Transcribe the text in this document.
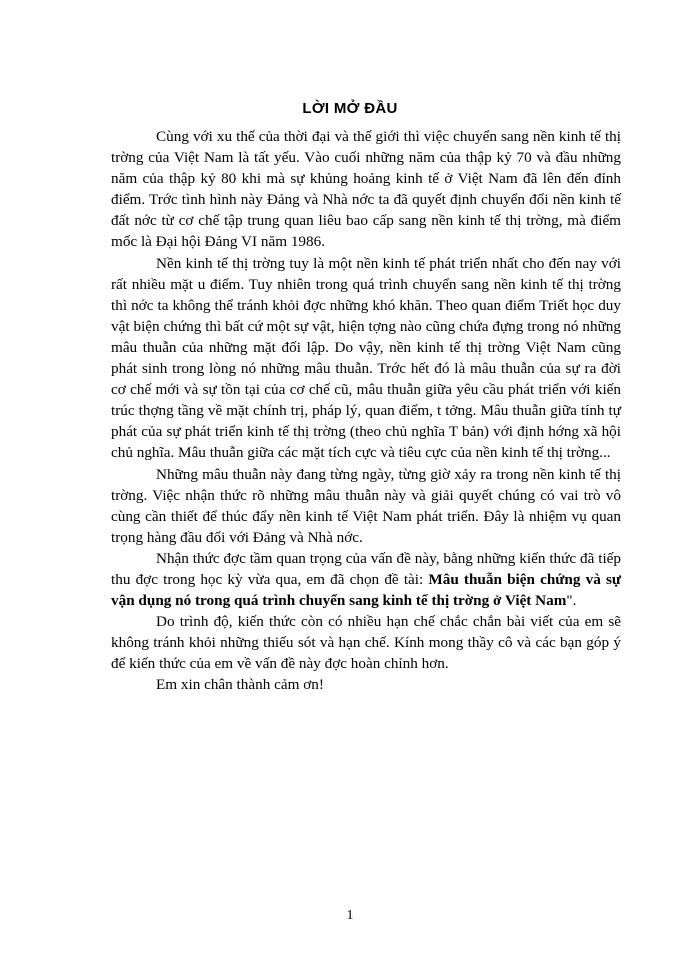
LỜI MỞ ĐẦU

Cùng với xu thế của thời đại và thế giới thì việc chuyển sang nền kinh tế thị trờng của Việt Nam là tất yếu. Vào cuối những năm của thập kỷ 70 và đầu những năm của thập kỷ 80 khi mà sự khủng hoảng kinh tế ở Việt Nam đã lên đến đỉnh điểm. Trớc tình hình này Đảng và Nhà nớc ta đã quyết định chuyển đổi nền kinh tế đất nớc từ cơ chế tập trung quan liêu bao cấp sang nền kinh tế thị trờng, mà điểm mốc là Đại hội Đảng VI năm 1986.

Nền kinh tế thị trờng tuy là một nền kinh tế phát triển nhất cho đến nay với rất nhiều mặt u điểm. Tuy nhiên trong quá trình chuyển sang nền kinh tế thị trờng thì nớc ta không thể tránh khỏi đợc những khó khăn. Theo quan điểm Triết học duy vật biện chứng thì bất cứ một sự vật, hiện tợng nào cũng chứa đựng trong nó những mâu thuẫn của những mặt đối lập. Do vậy, nền kinh tế thị trờng Việt Nam cũng phát sinh trong lòng nó những mâu thuẫn. Trớc hết đó là mâu thuẫn của sự ra đời cơ chế mới và sự tồn tại của cơ chế cũ, mâu thuẫn giữa yêu cầu phát triển với kiến trúc thợng tầng về mặt chính trị, pháp lý, quan điểm, t tởng. Mâu thuẫn giữa tính tự phát của sự phát triển kinh tế thị trờng (theo chủ nghĩa T bản) với định hớng xã hội chủ nghĩa. Mâu thuẫn giữa các mặt tích cực và tiêu cực của nền kinh tế thị trờng...

Những mâu thuẫn này đang từng ngày, từng giờ xảy ra trong nền kinh tế thị trờng. Việc nhận thức rõ những mâu thuẫn này và giải quyết chúng có vai trò vô cùng cần thiết để thúc đẩy nền kinh tế Việt Nam phát triển. Đây là nhiệm vụ quan trọng hàng đầu đối với Đảng và Nhà nớc.

Nhận thức đợc tầm quan trọng của vấn đề này, bằng những kiến thức đã tiếp thu đợc trong học kỳ vừa qua, em đã chọn đề tài: Mâu thuẫn biện chứng và sự vận dụng nó trong quá trình chuyển sang kinh tế thị trờng ở Việt Nam".

Do trình độ, kiến thức còn có nhiều hạn chế chắc chắn bài viết của em sẽ không tránh khỏi những thiếu sót và hạn chế. Kính mong thầy cô và các bạn góp ý để kiến thức của em về vấn đề này đợc hoàn chỉnh hơn.

Em xin chân thành cảm ơn!

1
